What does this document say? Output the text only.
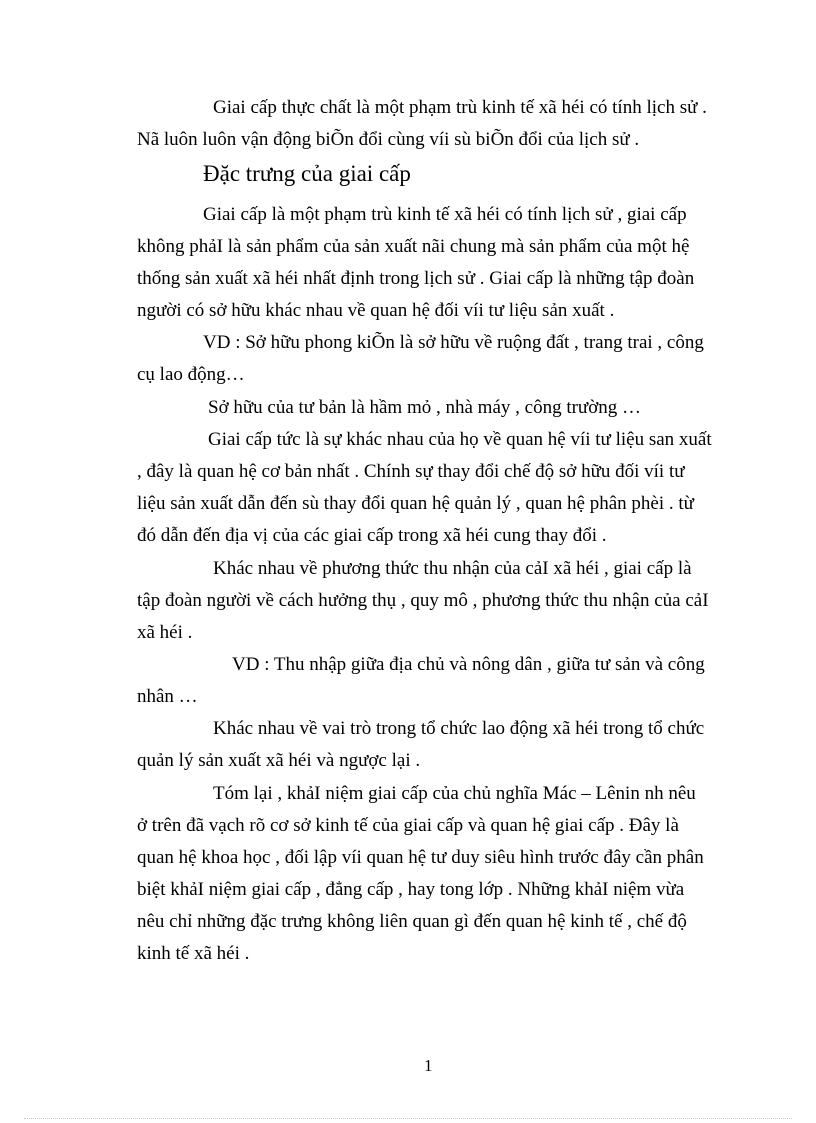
Giai cấp thực chất là một phạm trù kinh tế xã héi có tính lịch sử .
Nã luôn luôn vận động biÕn đổi cùng víi sù biÕn đổi của lịch sử .
Đặc trưng của giai cấp
Giai cấp là một phạm trù kinh tế xã héi có tính lịch sử , giai cấp
không phảI là sản phẩm của sản xuất nãi chung mà sản phẩm của một hệ
thống sản xuất xã héi nhất định trong lịch sử . Giai cấp là những tập đoàn
người có sở hữu khác nhau về quan hệ đối víi tư liệu sản xuất .
VD : Sở hữu phong kiÕn là sở hữu về ruộng đất , trang trai , công
cụ lao động…
Sở hữu của tư bản là hầm mỏ , nhà máy , công trường …
Giai cấp tức là sự khác nhau của họ về quan hệ víi tư liệu san xuất
, đây là quan hệ cơ bản nhất . Chính sự thay đổi chế độ sở hữu đối víi tư
liệu sản xuất dẫn đến sù thay đổi quan hệ quản lý , quan hệ phân phèi . từ
đó dẫn đến địa vị của các giai cấp trong xã héi cung thay đổi .
Khác nhau về phương thức thu nhận của cảI xã héi , giai cấp là
tập đoàn người về cách hưởng thụ , quy mô , phương thức thu nhận của cảI
xã héi .
VD : Thu nhập giữa địa chủ và nông dân , giữa tư sản và công
nhân …
Khác nhau về vai trò trong tổ chức lao động xã héi trong tổ chức
quản lý sản xuất xã héi và ngược lại .
Tóm lại , khảI niệm giai cấp của chủ nghĩa Mác – Lênin nh nêu
ở trên đã vạch rõ cơ sở kinh tế của giai cấp và quan hệ giai cấp . Đây là
quan hệ khoa học , đối lập víi quan hệ tư duy siêu hình trước đây cần phân
biệt khảI niệm giai cấp , đẳng cấp , hay tong lớp . Những khảI niệm vừa
nêu chỉ những đặc trưng không liên quan gì đến quan hệ kinh tế , chế độ
kinh tế xã héi .
1
